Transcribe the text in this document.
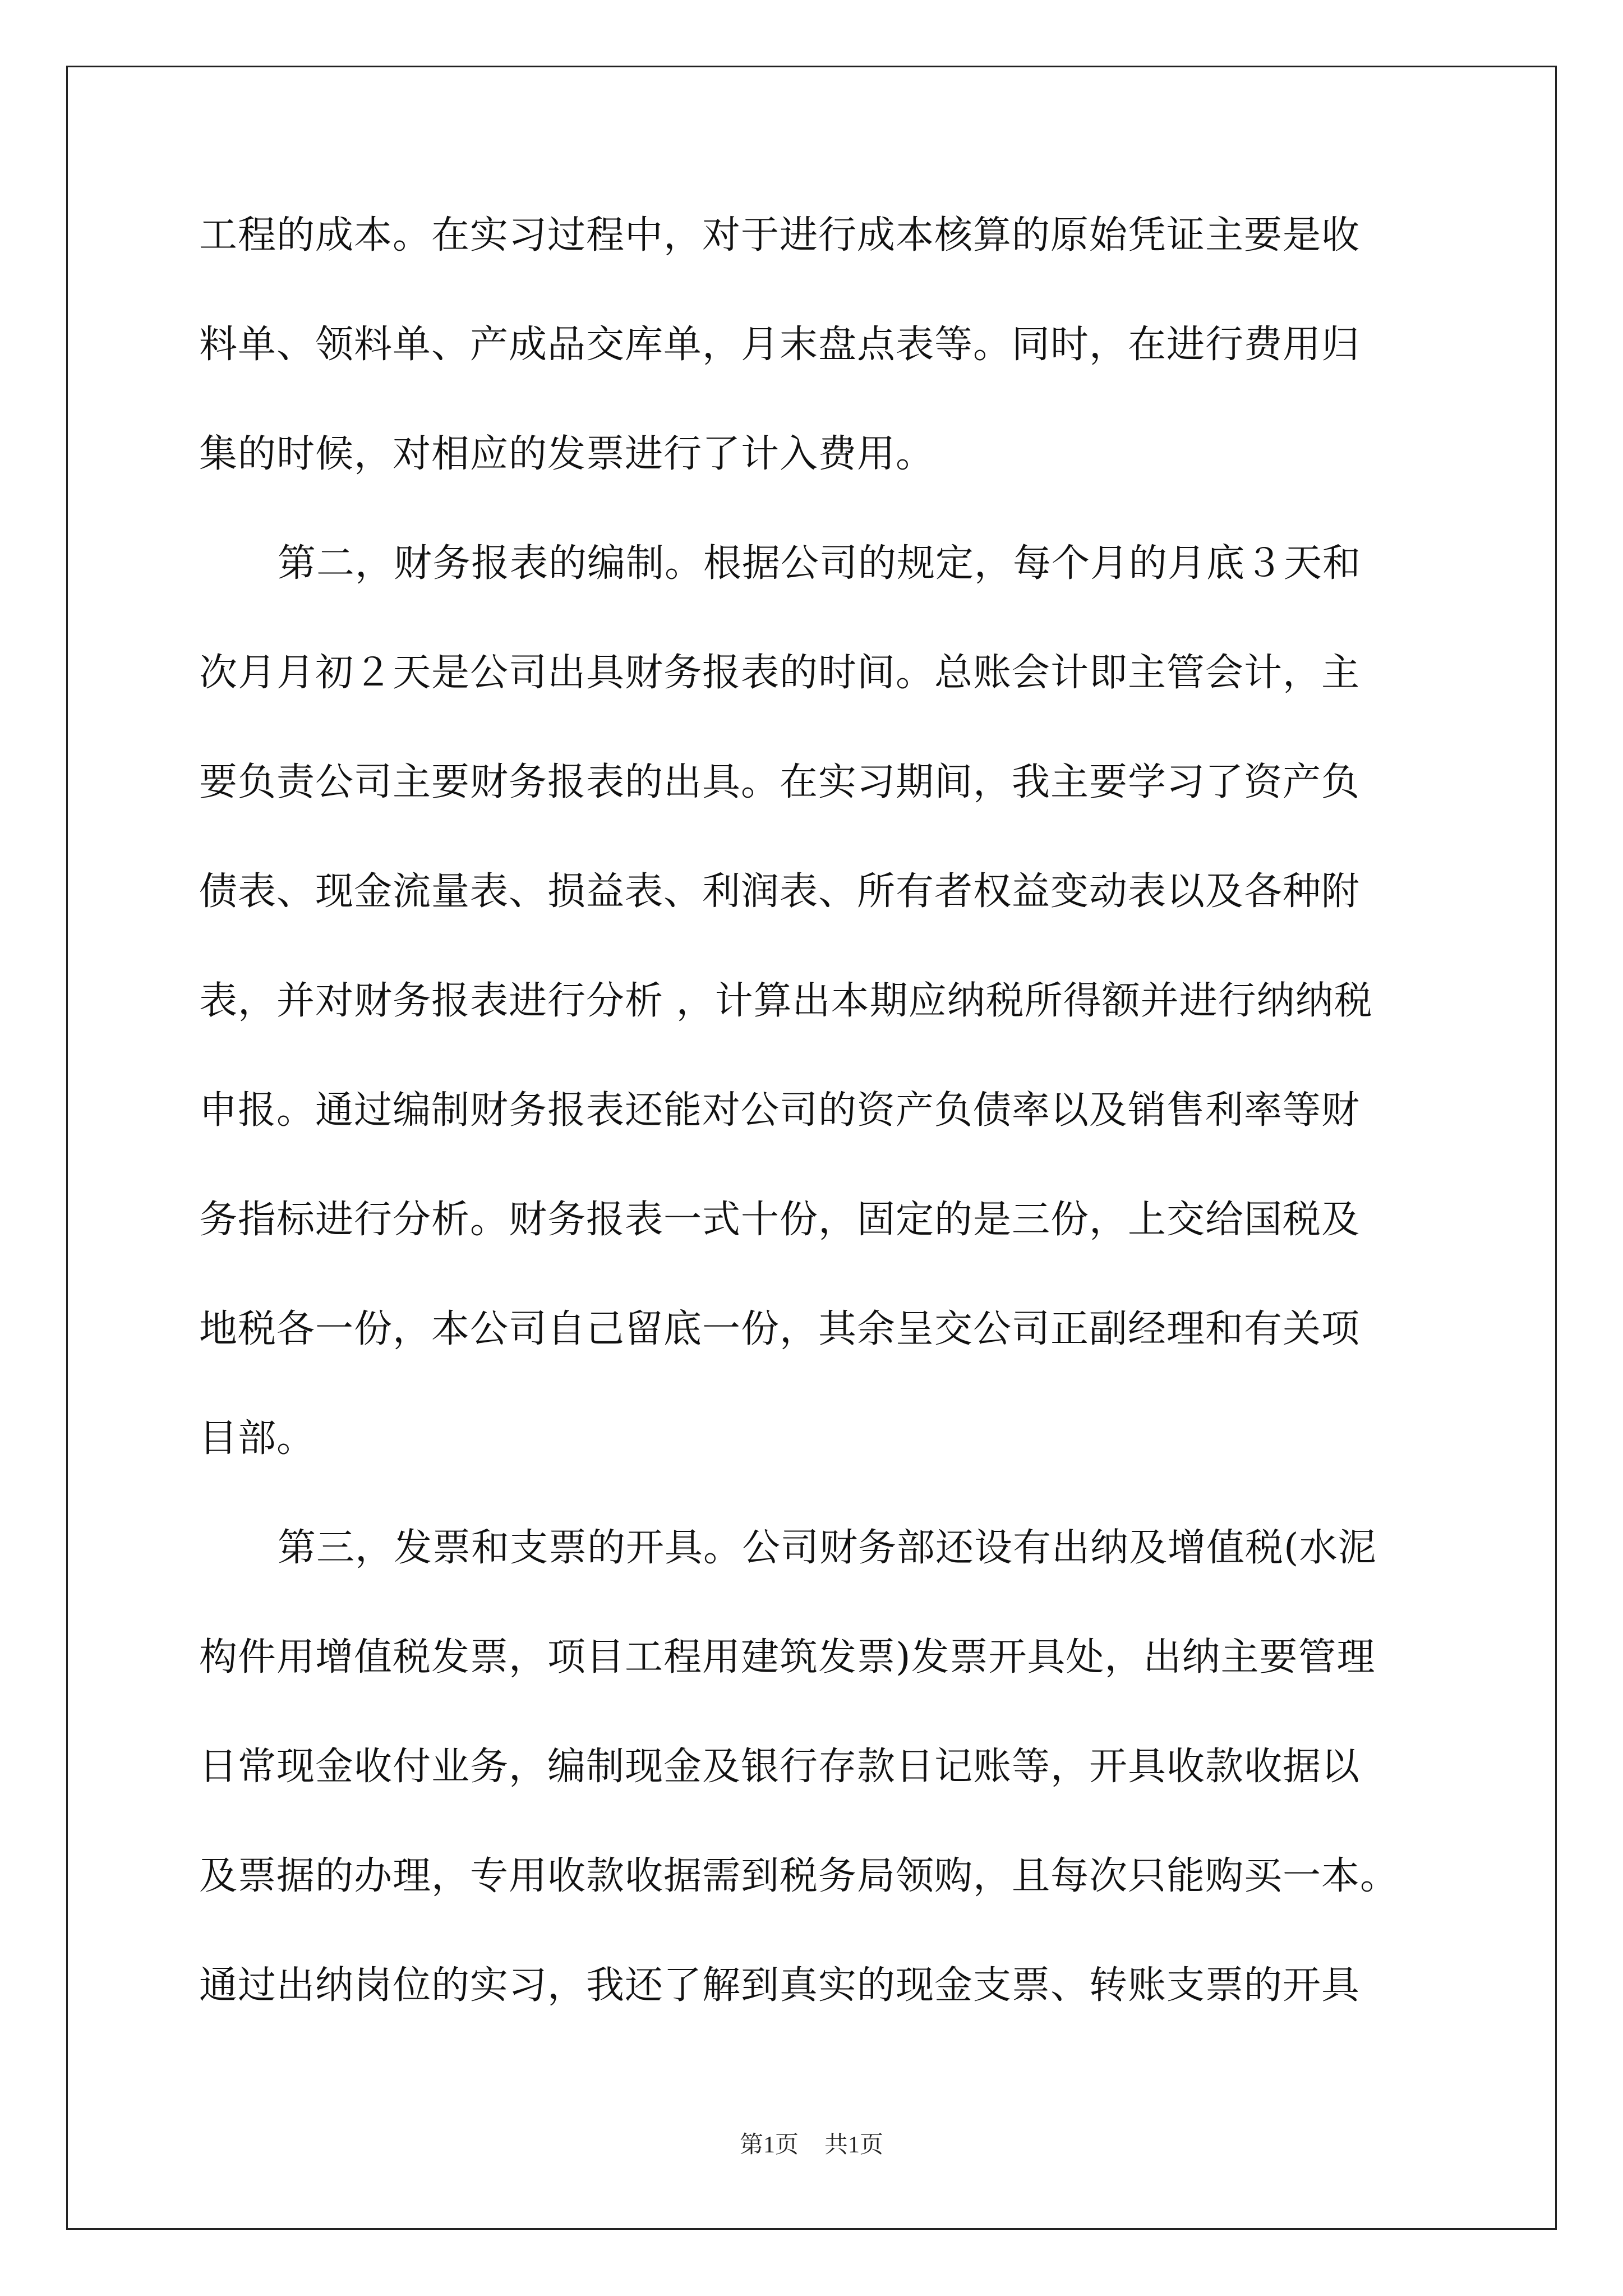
工程的成本。在实习过程中，对于进行成本核算的原始凭证主要是收
料单、领料单、产成品交库单，月末盘点表等。同时，在进行费用归
集的时候，对相应的发票进行了计入费用。
第二，财务报表的编制。根据公司的规定，每个月的月底３天和
次月月初２天是公司出具财务报表的时间。总账会计即主管会计，主
要负责公司主要财务报表的出具。在实习期间，我主要学习了资产负
债表、现金流量表、损益表、利润表、所有者权益变动表以及各种附
表，并对财务报表进行分析 ，计算出本期应纳税所得额并进行纳纳税
申报。通过编制财务报表还能对公司的资产负债率以及销售利率等财
务指标进行分析。财务报表一式十份，固定的是三份，上交给国税及
地税各一份，本公司自己留底一份，其余呈交公司正副经理和有关项
目部。
第三，发票和支票的开具。公司财务部还设有出纳及增值税(水泥
构件用增值税发票，项目工程用建筑发票)发票开具处，出纳主要管理
日常现金收付业务，编制现金及银行存款日记账等，开具收款收据以
及票据的办理，专用收款收据需到税务局领购，且每次只能购买一本。
通过出纳岗位的实习，我还了解到真实的现金支票、转账支票的开具
第1页 共1页
